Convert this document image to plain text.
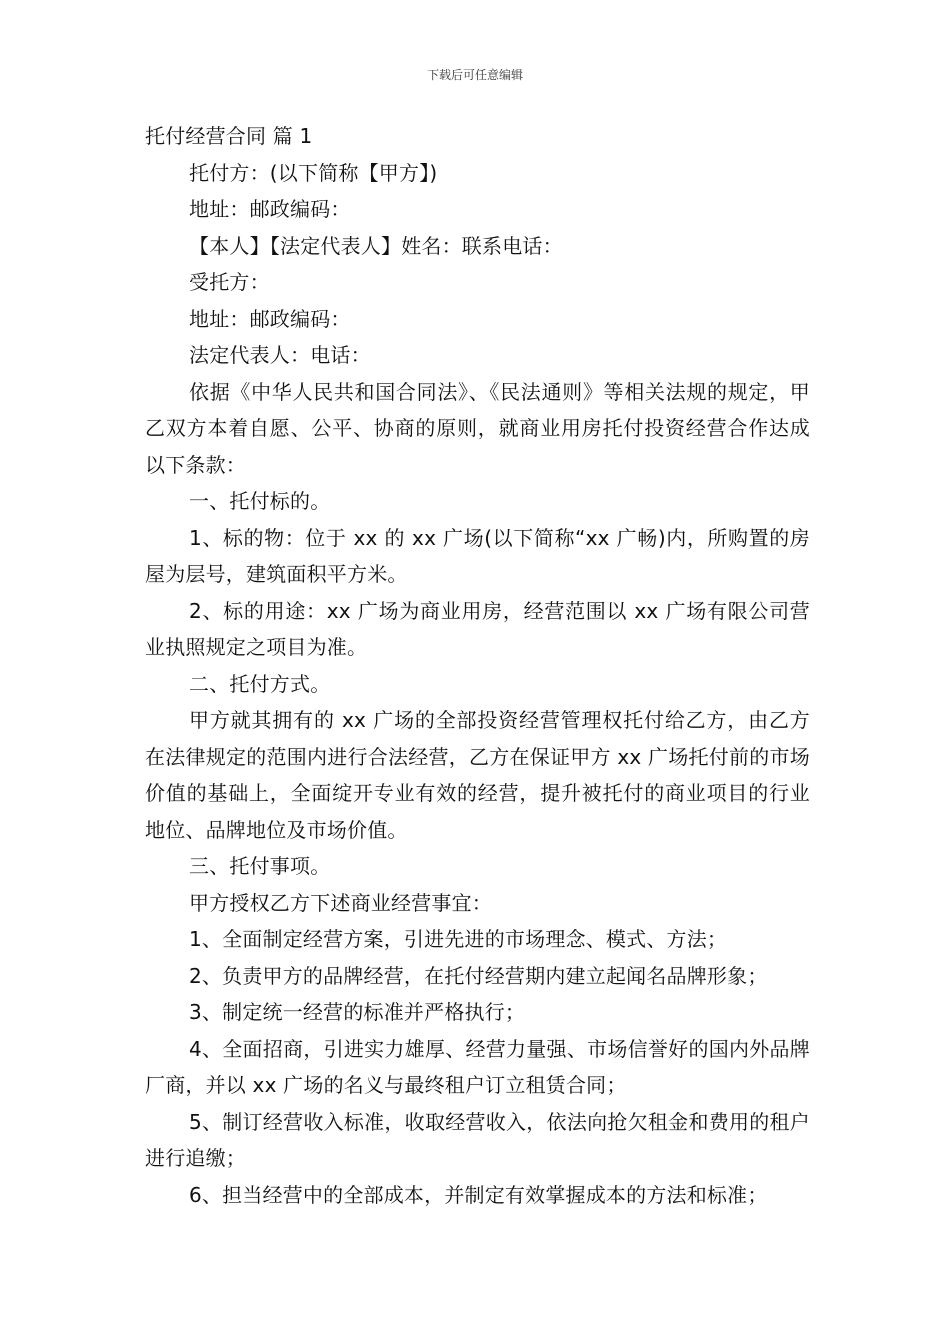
下载后可任意编辑

托付经营合同 篇 1

托付方：(以下简称【甲方】)

地址：邮政编码：

【本人】【法定代表人】姓名：联系电话：

受托方：

地址：邮政编码：

法定代表人：电话：

依据《中华人民共和国合同法》、《民法通则》等相关法规的规定，甲乙双方本着自愿、公平、协商的原则，就商业用房托付投资经营合作达成以下条款：

一、托付标的。

1、标的物：位于 xx 的 xx 广场(以下简称“xx 广畅)内，所购置的房屋为层号，建筑面积平方米。

2、标的用途：xx 广场为商业用房，经营范围以 xx 广场有限公司营业执照规定之项目为准。

二、托付方式。

甲方就其拥有的 xx 广场的全部投资经营管理权托付给乙方，由乙方在法律规定的范围内进行合法经营，乙方在保证甲方 xx 广场托付前的市场价值的基础上，全面绽开专业有效的经营，提升被托付的商业项目的行业地位、品牌地位及市场价值。

三、托付事项。

甲方授权乙方下述商业经营事宜：

1、全面制定经营方案，引进先进的市场理念、模式、方法；

2、负责甲方的品牌经营，在托付经营期内建立起闻名品牌形象；

3、制定统一经营的标准并严格执行；

4、全面招商，引进实力雄厚、经营力量强、市场信誉好的国内外品牌厂商，并以 xx 广场的名义与最终租户订立租赁合同；

5、制订经营收入标准，收取经营收入，依法向抢欠租金和费用的租户进行追缴；

6、担当经营中的全部成本，并制定有效掌握成本的方法和标准；
